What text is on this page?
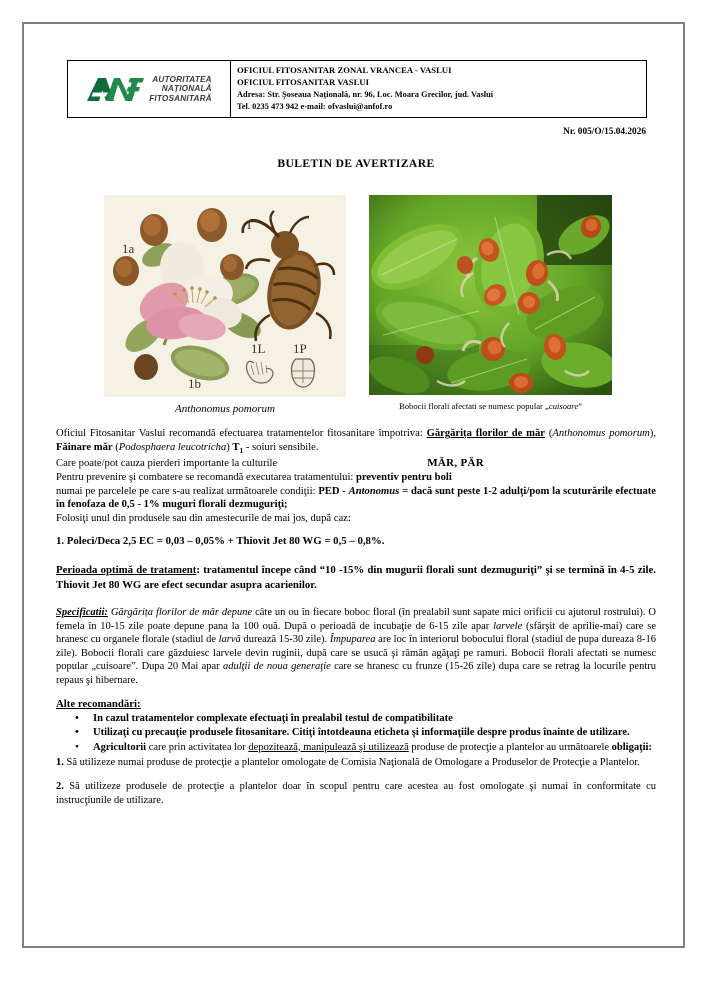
AUTORITATEA
NAȚIONALĂ
FITOSANITARĂ
OFICIUL FITOSANITAR ZONAL VRANCEA - VASLUI
OFICIUL FITOSANITAR VASLUI
Adresa: Str. Șoseaua Națională, nr. 96, Loc. Moara Grecilor, jud. Vaslui
Tel. 0235 473 942 e-mail: ofvaslui@anfof.ro
Nr. 005/O/15.04.2026
BULETIN DE AVERTIZARE
1a
1b
I
1L 1P
Anthonomus pomorum	Bobocii florali afectati se numesc popular „cuisoare”

Oficiul Fitosanitar Vaslui recomandă efectuarea tratamentelor fitosanitare împotriva: Gărgărița florilor de măr (Anthonomus pomorum), Făinare măr (Podosphaera leucotricha) $T_1$ - soiuri sensibile.

Care poate/pot cauza pierderi importante la culturile	MĂR, PĂR

Pentru prevenire şi combatere se recomandă executarea tratamentului: preventiv pentru boli

numai pe parcelele pe care s-au realizat următoarele condiţii: PED - Antonomus = dacă sunt peste 1-2 adulţi/pom la scuturările efectuate în fenofaza de 0,5 - 1% muguri florali dezmuguriţi;

Folosiţi unul din produsele sau din amestecurile de mai jos, după caz:

1. Poleci/Deca 2,5 EC = 0,03 – 0,05% + Thiovit Jet 80 WG = 0,5 – 0,8%.

Perioada optimă de tratament: tratamentul începe când “10 -15% din mugurii florali sunt dezmuguriţi” şi se termină în 4-5 zile. Thiovit Jet 80 WG are efect secundar asupra acarienilor.

Specificatii: Gărgărița florilor de măr depune câte un ou în fiecare boboc floral (în prealabil sunt sapate mici orificii cu ajutorul rostrului). O femela în 10-15 zile poate depune pana la 100 ouă. După o perioadă de incubaţie de 6-15 zile apar larvele (sfârşit de aprilie-mai) care se hranesc cu organele florale (stadiul de larvă durează 15-30 zile). Împuparea are loc în interiorul bobocului floral (stadiul de pupa dureaza 8-16 zile). Bobocii florali care găzduiesc larvele devin ruginii, după care se usucă şi rămân agăţaţi pe ramuri. Bobocii florali afectati se numesc popular „cuisoare”. Dupa 20 Mai apar adulţii de noua generaţie care se hranesc cu frunze (15-26 zile) dupa care se retrag la locurile pentru repaus şi hibernare.

Alte recomandări:
• In cazul tratamentelor complexate efectuaţi în prealabil testul de compatibilitate
• Utilizaţi cu precauţie produsele fitosanitare. Citiţi întotdeauna eticheta şi informaţiile despre produs înainte de utilizare.
• Agricultorii care prin activitatea lor depozitează, manipulează şi utilizează produse de protecţie a plantelor au următoarele obligaţii:

1. Să utilizeze numai produse de protecţie a plantelor omologate de Comisia Naţională de Omologare a Produselor de Protecţie a Plantelor.

2. Să utilizeze produsele de protecţie a plantelor doar în scopul pentru care acestea au fost omologate şi numai în conformitate cu instrucţiunile de utilizare.
